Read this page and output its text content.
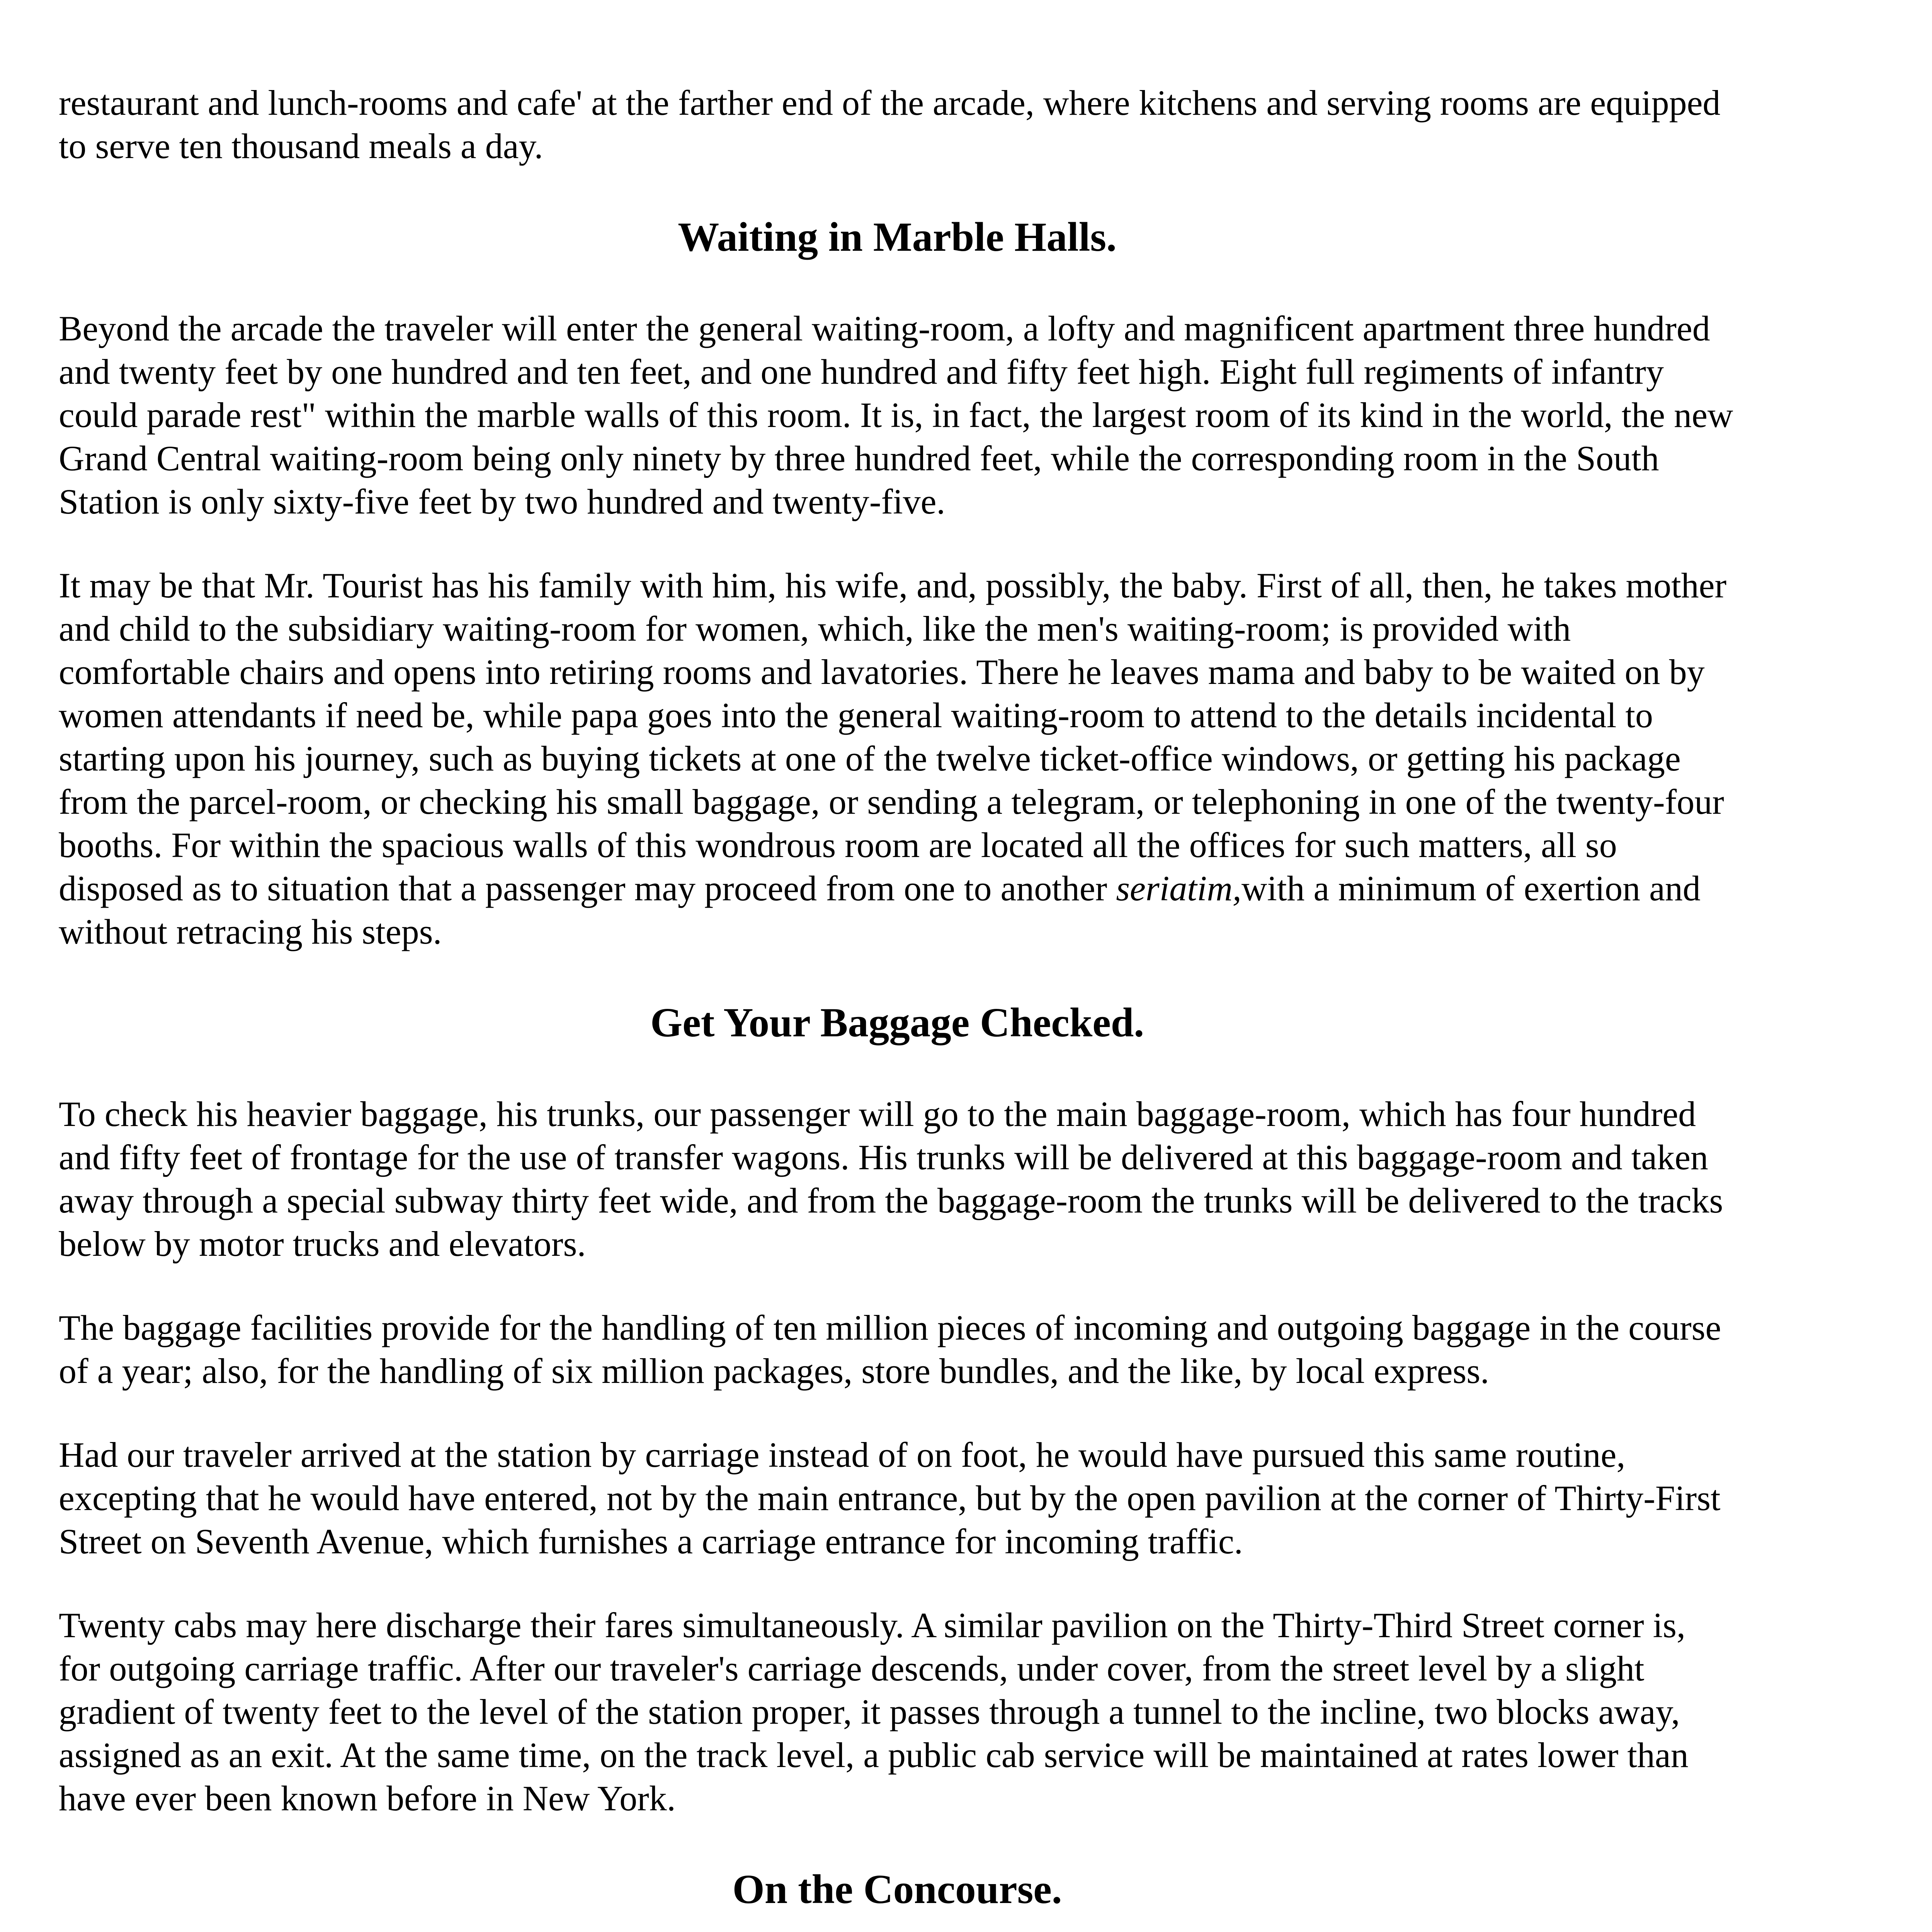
restaurant and lunch-rooms and cafe' at the farther end of the arcade, where kitchens and serving rooms are equipped to serve ten thousand meals a day.

Waiting in Marble Halls.

Beyond the arcade the traveler will enter the general waiting-room, a lofty and magnificent apartment three hundred and twenty feet by one hundred and ten feet, and one hundred and fifty feet high. Eight full regiments of infantry could parade rest" within the marble walls of this room. It is, in fact, the largest room of its kind in the world, the new Grand Central waiting-room being only ninety by three hundred feet, while the corresponding room in the South Station is only sixty-five feet by two hundred and twenty-five.

It may be that Mr. Tourist has his family with him, his wife, and, possibly, the baby. First of all, then, he takes mother and child to the subsidiary waiting-room for women, which, like the men's waiting-room; is provided with comfortable chairs and opens into retiring rooms and lavatories. There he leaves mama and baby to be waited on by women attendants if need be, while papa goes into the general waiting-room to attend to the details incidental to starting upon his journey, such as buying tickets at one of the twelve ticket-office windows, or getting his package from the parcel-room, or checking his small baggage, or sending a telegram, or telephoning in one of the twenty-four booths. For within the spacious walls of this wondrous room are located all the offices for such matters, all so disposed as to situation that a passenger may proceed from one to another seriatim,with a minimum of exertion and without retracing his steps.

Get Your Baggage Checked.

To check his heavier baggage, his trunks, our passenger will go to the main baggage-room, which has four hundred and fifty feet of frontage for the use of transfer wagons. His trunks will be delivered at this baggage-room and taken away through a special subway thirty feet wide, and from the baggage-room the trunks will be delivered to the tracks below by motor trucks and elevators.

The baggage facilities provide for the handling of ten million pieces of incoming and outgoing baggage in the course of a year; also, for the handling of six million packages, store bundles, and the like, by local express.

Had our traveler arrived at the station by carriage instead of on foot, he would have pursued this same routine, excepting that he would have entered, not by the main entrance, but by the open pavilion at the corner of Thirty-First Street on Seventh Avenue, which furnishes a carriage entrance for incoming traffic.

Twenty cabs may here discharge their fares simultaneously. A similar pavilion on the Thirty-Third Street corner is, for outgoing carriage traffic. After our traveler's carriage descends, under cover, from the street level by a slight gradient of twenty feet to the level of the station proper, it passes through a tunnel to the incline, two blocks away, assigned as an exit. At the same time, on the track level, a public cab service will be maintained at rates lower than have ever been known before in New York.

On the Concourse.
